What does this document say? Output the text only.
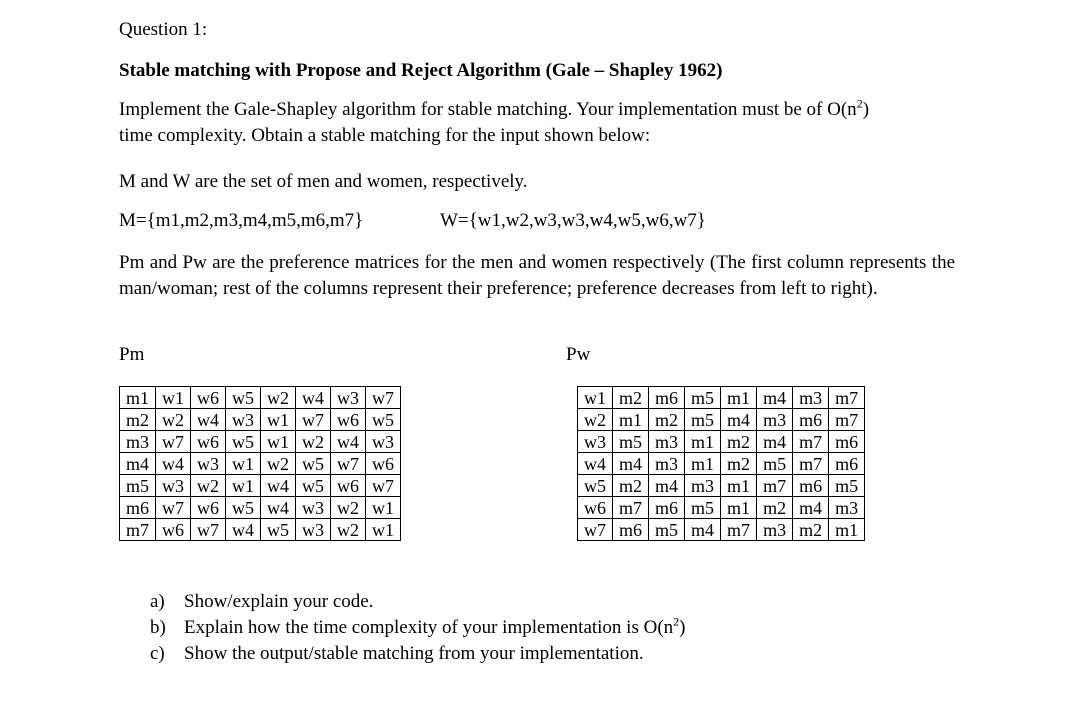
Question 1:
Stable matching with Propose and Reject Algorithm (Gale – Shapley 1962)
Implement the Gale-Shapley algorithm for stable matching. Your implementation must be of $O(n^2)$
time complexity. Obtain a stable matching for the input shown below:
M and W are the set of men and women, respectively.
M={m1,m2,m3,m4,m5,m6,m7}	W={w1,w2,w3,w3,w4,w5,w6,w7}
Pm and Pw are the preference matrices for the men and women respectively (The first column represents the man/woman; rest of the columns represent their preference; preference decreases from left to right).
Pm	Pw
m1	w1	w6	w5	w2	w4	w3	w7
m2	w2	w4	w3	w1	w7	w6	w5
m3	w7	w6	w5	w1	w2	w4	w3
m4	w4	w3	w1	w2	w5	w7	w6
m5	w3	w2	w1	w4	w5	w6	w7
m6	w7	w6	w5	w4	w3	w2	w1
m7	w6	w7	w4	w5	w3	w2	w1
w1	m2	m6	m5	m1	m4	m3	m7
w2	m1	m2	m5	m4	m3	m6	m7
w3	m5	m3	m1	m2	m4	m7	m6
w4	m4	m3	m1	m2	m5	m7	m6
w5	m2	m4	m3	m1	m7	m6	m5
w6	m7	m6	m5	m1	m2	m4	m3
w7	m6	m5	m4	m7	m3	m2	m1
a) Show/explain your code.
b) Explain how the time complexity of your implementation is $O(n^2)$
c) Show the output/stable matching from your implementation.
